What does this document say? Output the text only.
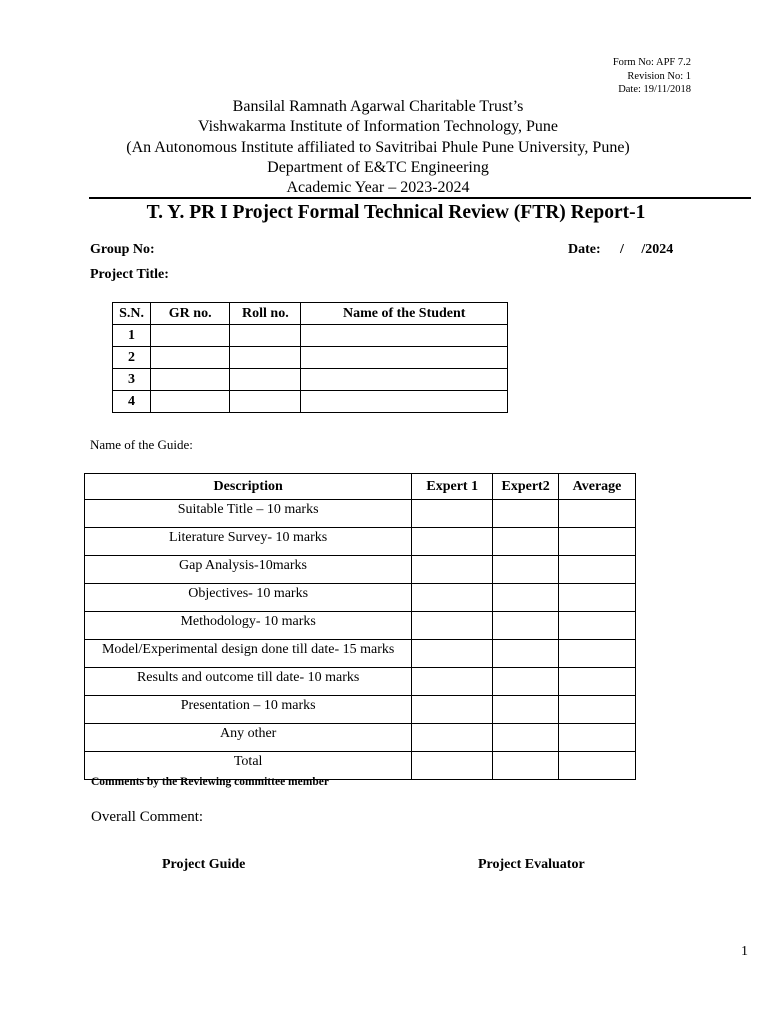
Form No: APF 7.2
Revision No: 1
Date: 19/11/2018
Bansilal Ramnath Agarwal Charitable Trust’s
Vishwakarma Institute of Information Technology, Pune
(An Autonomous Institute affiliated to Savitribai Phule Pune University, Pune)
Department of E&TC Engineering
Academic Year – 2023-2024
T. Y. PR I Project Formal Technical Review (FTR) Report-1
Group No:	Date: /     /2024
Project Title:
S.N.	GR no.	Roll no.	Name of the Student
1			
2			
3			
4			
Name of the Guide:
Description	Expert 1	Expert2	Average
Suitable Title – 10 marks			
Literature Survey- 10 marks			
Gap Analysis-10marks			
Objectives- 10 marks			
Methodology- 10 marks			
Model/Experimental design done till date- 15 marks			
Results and outcome till date- 10 marks			
Presentation – 10 marks			
Any other			
Total			
Comments by the Reviewing committee member
Overall Comment:
Project Guide	Project Evaluator
1
